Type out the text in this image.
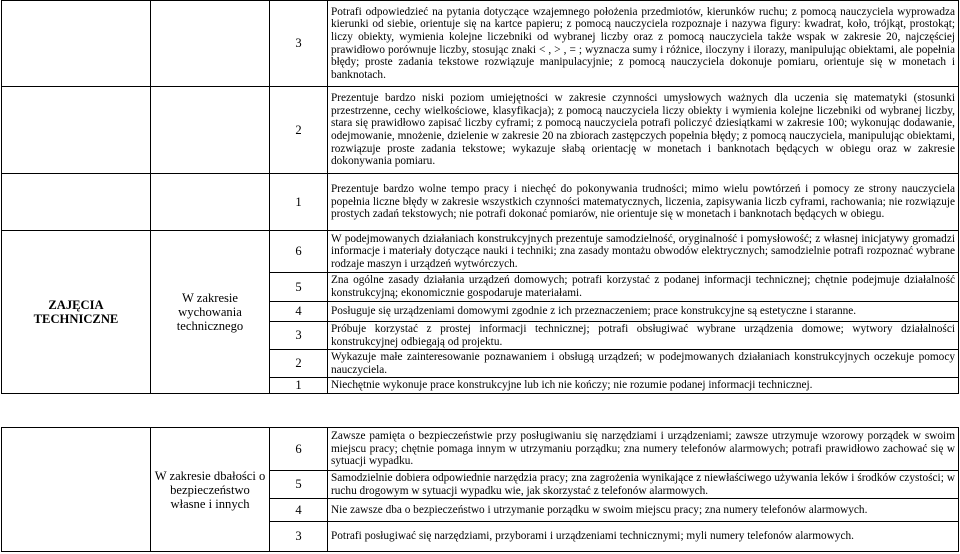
		3	Potrafi odpowiedzieć na pytania dotyczące wzajemnego położenia przedmiotów, kierunków ruchu; z pomocą nauczyciela wyprowadza kierunki od siebie, orientuje się na kartce papieru; z pomocą nauczyciela rozpoznaje i nazywa figury: kwadrat, koło, trójkąt, prostokąt; liczy obiekty, wymienia kolejne liczebniki od wybranej liczby oraz z pomocą nauczyciela także wspak w zakresie 20, najczęściej prawidłowo porównuje liczby, stosując znaki < , > , = ; wyznacza sumy i różnice, iloczyny i ilorazy, manipulując obiektami, ale popełnia błędy; proste zadania tekstowe rozwiązuje manipulacyjnie; z pomocą nauczyciela dokonuje pomiaru, orientuje się w monetach i banknotach.
		2	Prezentuje bardzo niski poziom umiejętności w zakresie czynności umysłowych ważnych dla uczenia się matematyki (stosunki przestrzenne, cechy wielkościowe, klasyfikacja); z pomocą nauczyciela liczy obiekty i wymienia kolejne liczebniki od wybranej liczby, stara się prawidłowo zapisać liczby cyframi; z pomocą nauczyciela potrafi policzyć dziesiątkami w zakresie 100; wykonując dodawanie, odejmowanie, mnożenie, dzielenie w zakresie 20 na zbiorach zastępczych popełnia błędy; z pomocą nauczyciela, manipulując obiektami, rozwiązuje proste zadania tekstowe; wykazuje słabą orientację w monetach i banknotach będących w obiegu oraz w zakresie dokonywania pomiaru.
		1	Prezentuje bardzo wolne tempo pracy i niechęć do pokonywania trudności; mimo wielu powtórzeń i pomocy ze strony nauczyciela popełnia liczne błędy w zakresie wszystkich czynności matematycznych, liczenia, zapisywania liczb cyframi, rachowania; nie rozwiązuje prostych zadań tekstowych; nie potrafi dokonać pomiarów, nie orientuje się w monetach i banknotach będących w obiegu.
ZAJĘCIA TECHNICZNE	W zakresie wychowania technicznego	6	W podejmowanych działaniach konstrukcyjnych prezentuje samodzielność, oryginalność i pomysłowość; z własnej inicjatywy gromadzi informacje i materiały dotyczące nauki i techniki; zna zasady montażu obwodów elektrycznych; samodzielnie potrafi rozpoznać wybrane rodzaje maszyn i urządzeń wytwórczych.
		5	Zna ogólne zasady działania urządzeń domowych; potrafi korzystać z podanej informacji technicznej; chętnie podejmuje działalność konstrukcyjną; ekonomicznie gospodaruje materiałami.
		4	Posługuje się urządzeniami domowymi zgodnie z ich przeznaczeniem; prace konstrukcyjne są estetyczne i staranne.
		3	Próbuje korzystać z prostej informacji technicznej; potrafi obsługiwać wybrane urządzenia domowe; wytwory działalności konstrukcyjnej odbiegają od projektu.
		2	Wykazuje małe zainteresowanie poznawaniem i obsługą urządzeń; w podejmowanych działaniach konstrukcyjnych oczekuje pomocy nauczyciela.
		1	Niechętnie wykonuje prace konstrukcyjne lub ich nie kończy; nie rozumie podanej informacji technicznej.
	W zakresie dbałości o bezpieczeństwo własne i innych	6	Zawsze pamięta o bezpieczeństwie przy posługiwaniu się narzędziami i urządzeniami; zawsze utrzymuje wzorowy porządek w swoim miejscu pracy; chętnie pomaga innym w utrzymaniu porządku; zna numery telefonów alarmowych; potrafi prawidłowo zachować się w sytuacji wypadku.
		5	Samodzielnie dobiera odpowiednie narzędzia pracy; zna zagrożenia wynikające z niewłaściwego używania leków i środków czystości; w ruchu drogowym w sytuacji wypadku wie, jak skorzystać z telefonów alarmowych.
		4	Nie zawsze dba o bezpieczeństwo i utrzymanie porządku w swoim miejscu pracy; zna numery telefonów alarmowych.
		3	Potrafi posługiwać się narzędziami, przyborami i urządzeniami technicznymi; myli numery telefonów alarmowych.
